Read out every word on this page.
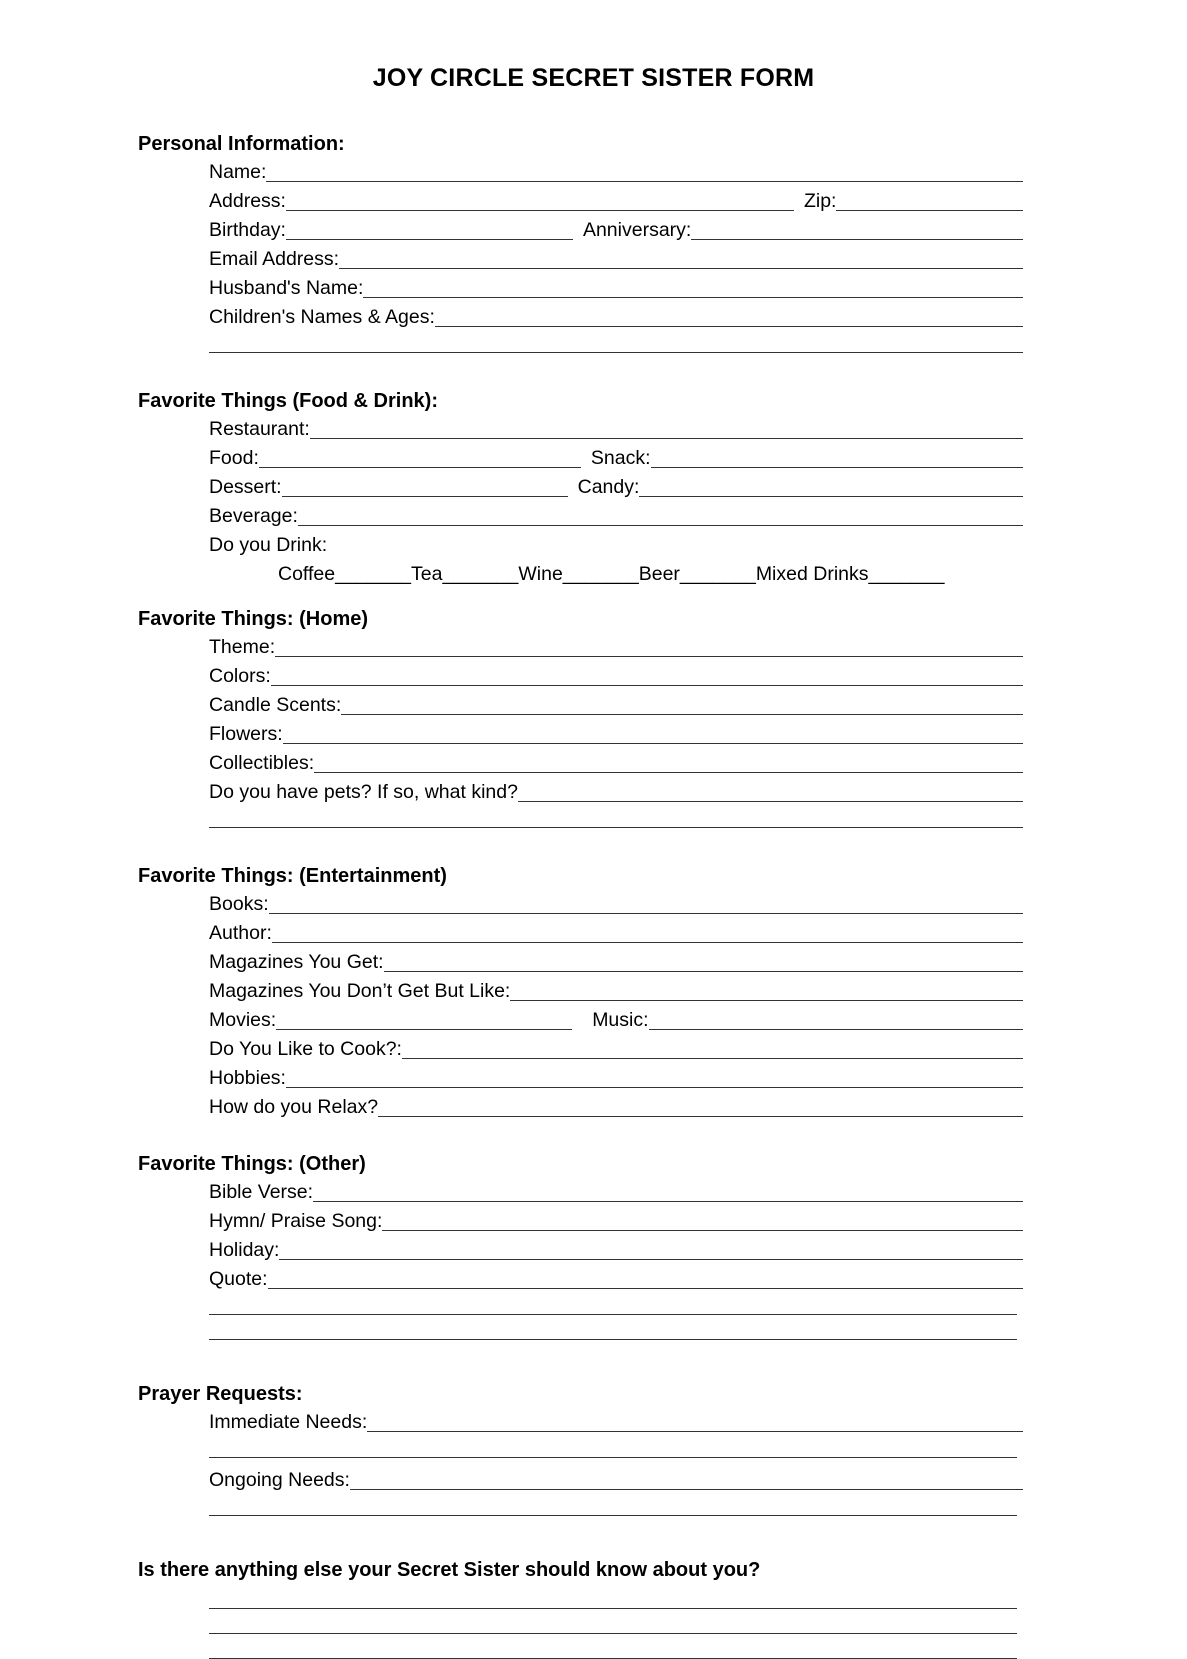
JOY CIRCLE SECRET SISTER FORM
Personal Information:
Name:
Address:	Zip:
Birthday:	Anniversary:
Email Address:
Husband's Name:
Children's Names & Ages:
Favorite Things (Food & Drink):
Restaurant:
Food:	Snack:
Dessert:	Candy:
Beverage:
Do you Drink:
Coffee_______Tea_______Wine_______Beer_______Mixed Drinks_______
Favorite Things: (Home)
Theme:
Colors:
Candle Scents:
Flowers:
Collectibles:
Do you have pets? If so, what kind?
Favorite Things: (Entertainment)
Books:
Author:
Magazines You Get:
Magazines You Don’t Get But Like:
Movies:	Music:
Do You Like to Cook?:
Hobbies:
How do you Relax?
Favorite Things: (Other)
Bible Verse:
Hymn/ Praise Song:
Holiday:
Quote:
Prayer Requests:
Immediate Needs:
Ongoing Needs:
Is there anything else your Secret Sister should know about you?
